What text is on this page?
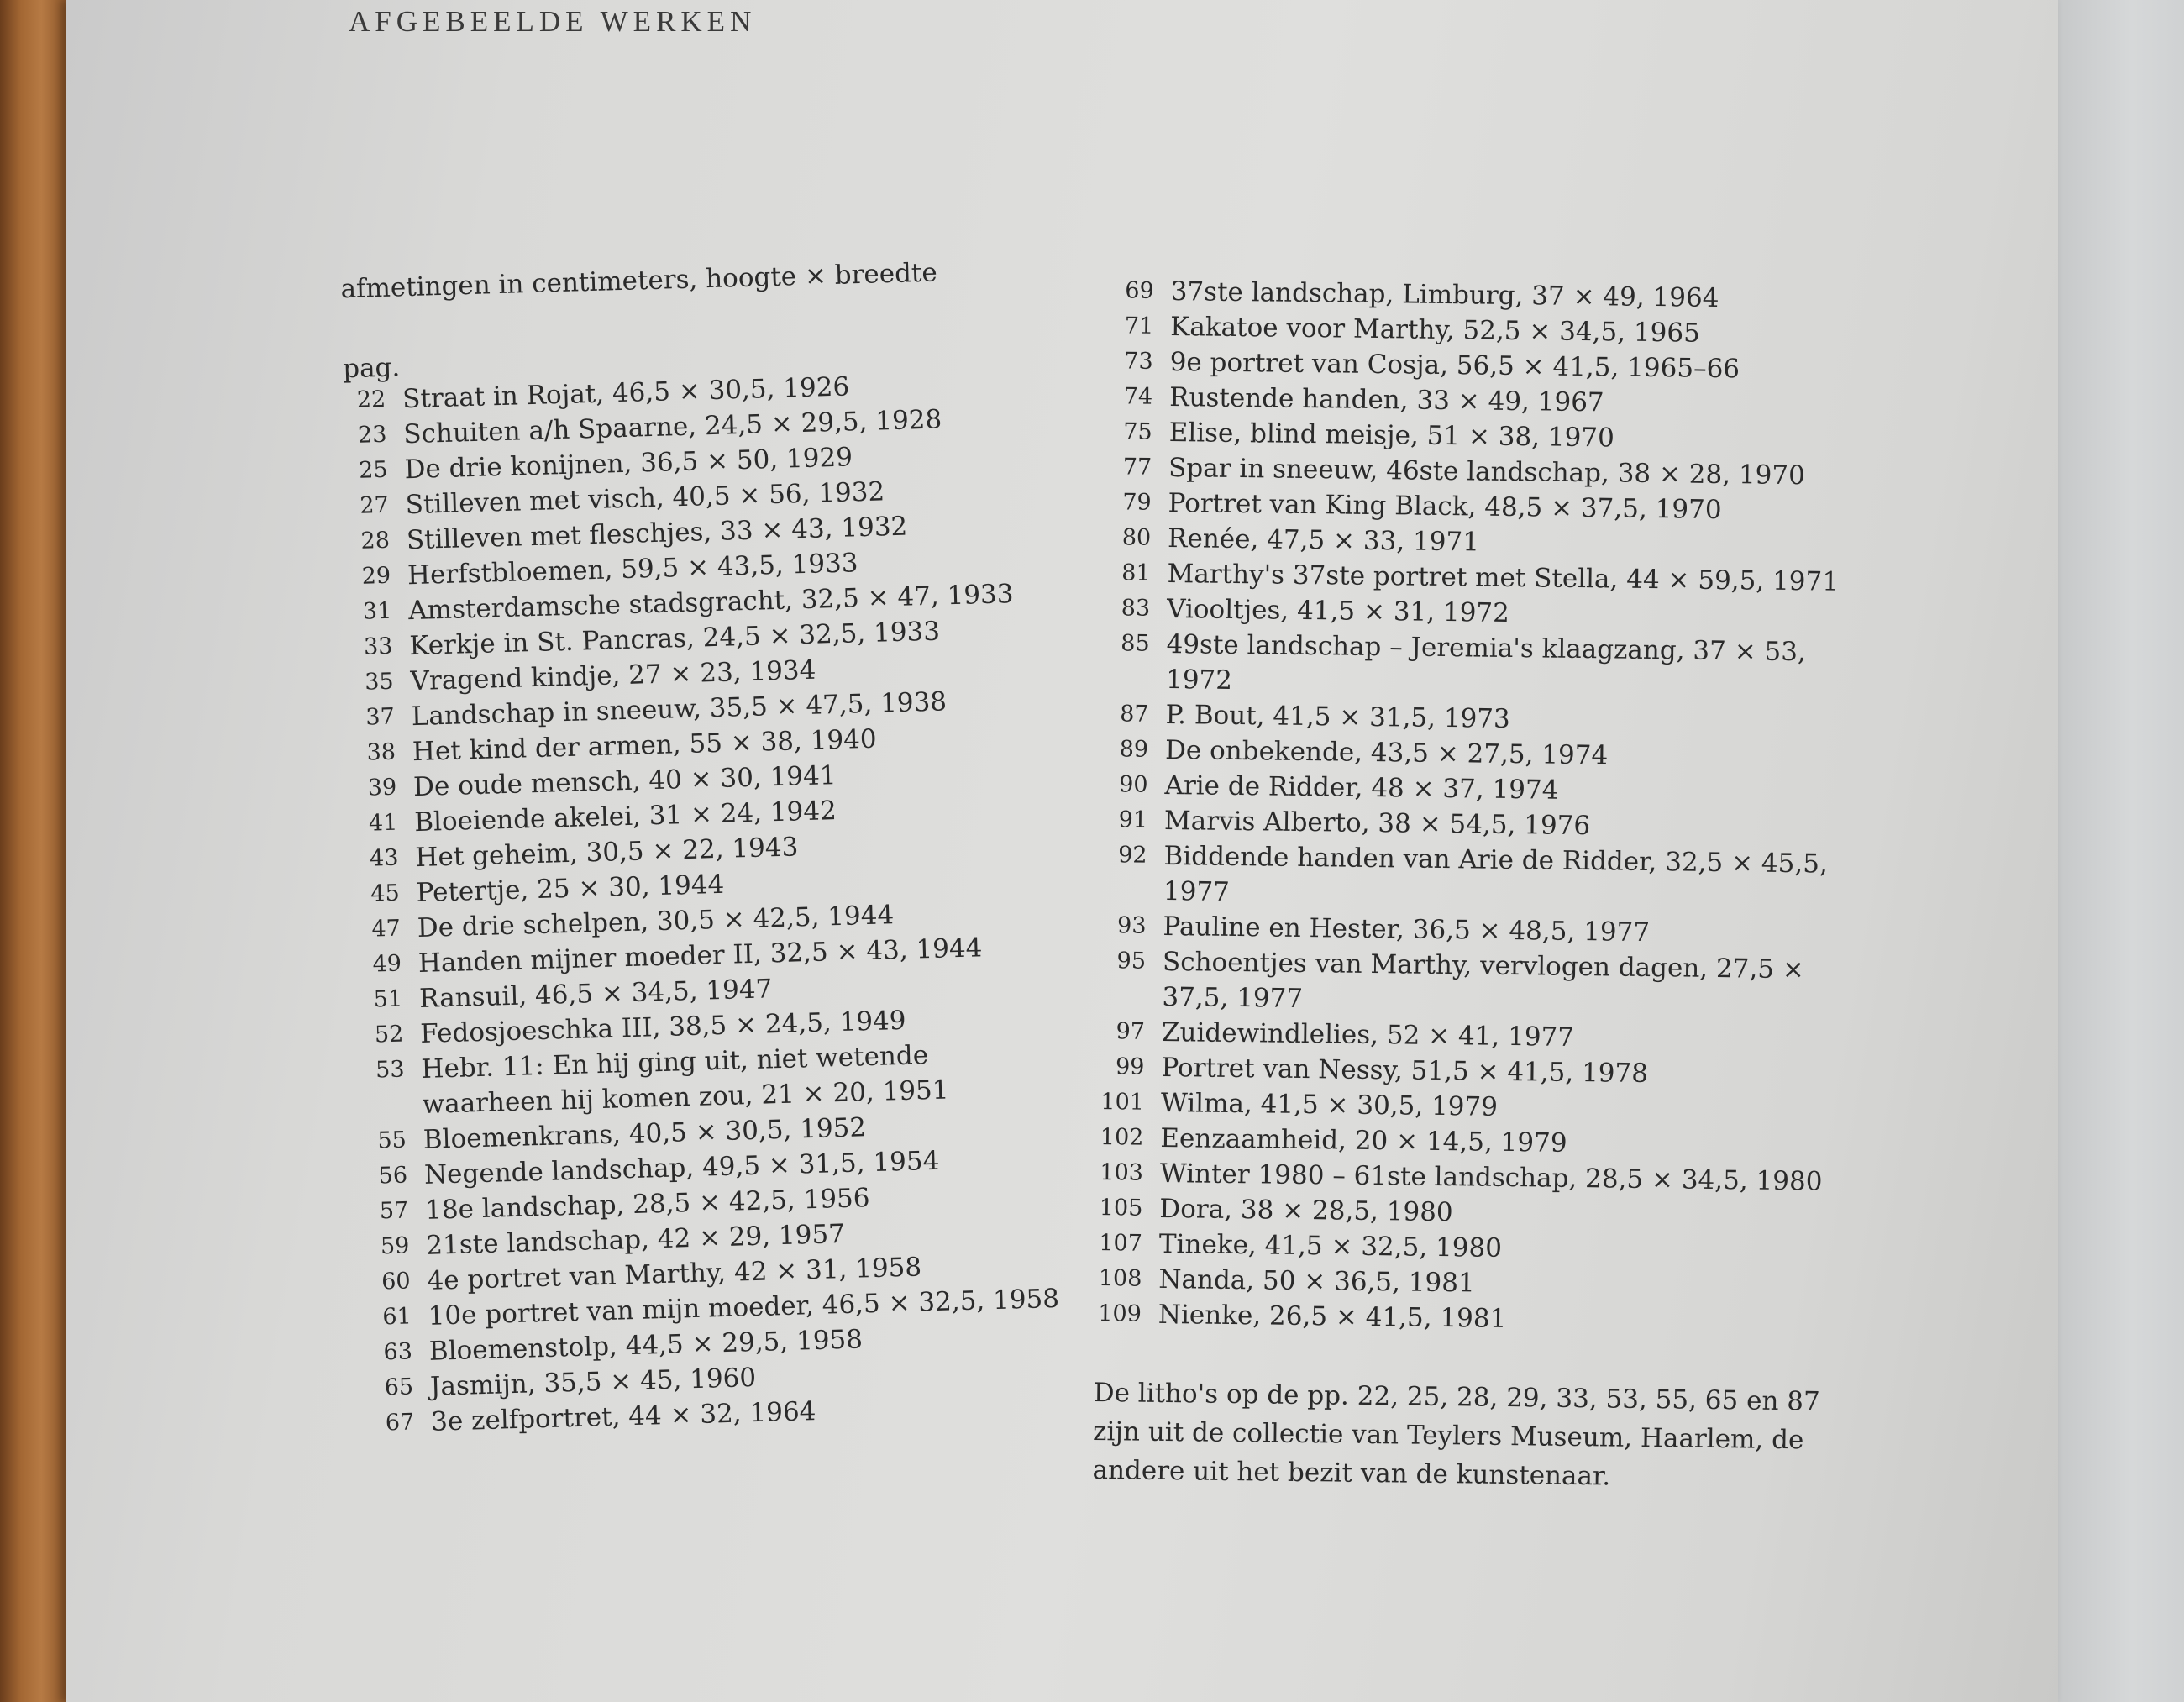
AFGEBEELDE WERKEN
afmetingen in centimeters, hoogte × breedte
pag.
22 Straat in Rojat, 46,5 × 30,5, 1926
23 Schuiten a/h Spaarne, 24,5 × 29,5, 1928
25 De drie konijnen, 36,5 × 50, 1929
27 Stilleven met visch, 40,5 × 56, 1932
28 Stilleven met fleschjes, 33 × 43, 1932
29 Herfstbloemen, 59,5 × 43,5, 1933
31 Amsterdamsche stadsgracht, 32,5 × 47, 1933
33 Kerkje in St. Pancras, 24,5 × 32,5, 1933
35 Vragend kindje, 27 × 23, 1934
37 Landschap in sneeuw, 35,5 × 47,5, 1938
38 Het kind der armen, 55 × 38, 1940
39 De oude mensch, 40 × 30, 1941
41 Bloeiende akelei, 31 × 24, 1942
43 Het geheim, 30,5 × 22, 1943
45 Petertje, 25 × 30, 1944
47 De drie schelpen, 30,5 × 42,5, 1944
49 Handen mijner moeder II, 32,5 × 43, 1944
51 Ransuil, 46,5 × 34,5, 1947
52 Fedosjoeschka III, 38,5 × 24,5, 1949
53 Hebr. 11: En hij ging uit, niet wetende waarheen hij komen zou, 21 × 20, 1951
55 Bloemenkrans, 40,5 × 30,5, 1952
56 Negende landschap, 49,5 × 31,5, 1954
57 18e landschap, 28,5 × 42,5, 1956
59 21ste landschap, 42 × 29, 1957
60 4e portret van Marthy, 42 × 31, 1958
61 10e portret van mijn moeder, 46,5 × 32,5, 1958
63 Bloemenstolp, 44,5 × 29,5, 1958
65 Jasmijn, 35,5 × 45, 1960
67 3e zelfportret, 44 × 32, 1964
69 37ste landschap, Limburg, 37 × 49, 1964
71 Kakatoe voor Marthy, 52,5 × 34,5, 1965
73 9e portret van Cosja, 56,5 × 41,5, 1965–66
74 Rustende handen, 33 × 49, 1967
75 Elise, blind meisje, 51 × 38, 1970
77 Spar in sneeuw, 46ste landschap, 38 × 28, 1970
79 Portret van King Black, 48,5 × 37,5, 1970
80 Renée, 47,5 × 33, 1971
81 Marthy's 37ste portret met Stella, 44 × 59,5, 1971
83 Viooltjes, 41,5 × 31, 1972
85 49ste landschap – Jeremia's klaagzang, 37 × 53, 1972
87 P. Bout, 41,5 × 31,5, 1973
89 De onbekende, 43,5 × 27,5, 1974
90 Arie de Ridder, 48 × 37, 1974
91 Marvis Alberto, 38 × 54,5, 1976
92 Biddende handen van Arie de Ridder, 32,5 × 45,5, 1977
93 Pauline en Hester, 36,5 × 48,5, 1977
95 Schoentjes van Marthy, vervlogen dagen, 27,5 × 37,5, 1977
97 Zuidewindlelies, 52 × 41, 1977
99 Portret van Nessy, 51,5 × 41,5, 1978
101 Wilma, 41,5 × 30,5, 1979
102 Eenzaamheid, 20 × 14,5, 1979
103 Winter 1980 – 61ste landschap, 28,5 × 34,5, 1980
105 Dora, 38 × 28,5, 1980
107 Tineke, 41,5 × 32,5, 1980
108 Nanda, 50 × 36,5, 1981
109 Nienke, 26,5 × 41,5, 1981
De litho's op de pp. 22, 25, 28, 29, 33, 53, 55, 65 en 87 zijn uit de collectie van Teylers Museum, Haarlem, de andere uit het bezit van de kunstenaar.
